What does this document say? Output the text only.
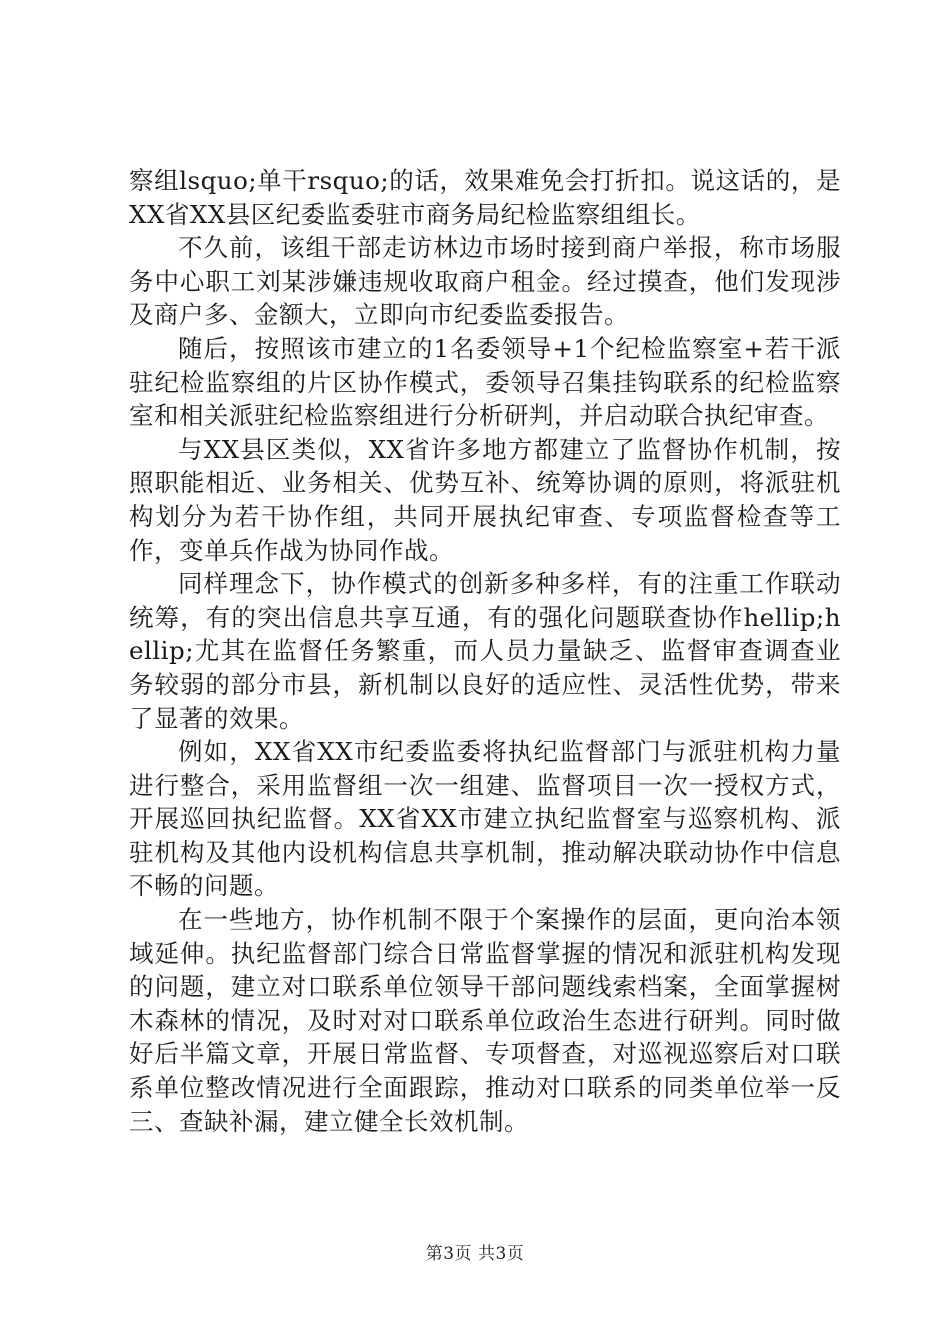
察组lsquo;单干rsquo;的话，效果难免会打折扣。说这话的，是XX省XX县区纪委监委驻市商务局纪检监察组组长。

不久前，该组干部走访林边市场时接到商户举报，称市场服务中心职工刘某涉嫌违规收取商户租金。经过摸查，他们发现涉及商户多、金额大，立即向市纪委监委报告。

随后，按照该市建立的1名委领导+1个纪检监察室+若干派驻纪检监察组的片区协作模式，委领导召集挂钩联系的纪检监察室和相关派驻纪检监察组进行分析研判，并启动联合执纪审查。

与XX县区类似，XX省许多地方都建立了监督协作机制，按照职能相近、业务相关、优势互补、统筹协调的原则，将派驻机构划分为若干协作组，共同开展执纪审查、专项监督检查等工作，变单兵作战为协同作战。

同样理念下，协作模式的创新多种多样，有的注重工作联动统筹，有的突出信息共享互通，有的强化问题联查协作hellip;hellip;尤其在监督任务繁重，而人员力量缺乏、监督审查调查业务较弱的部分市县，新机制以良好的适应性、灵活性优势，带来了显著的效果。

例如，XX省XX市纪委监委将执纪监督部门与派驻机构力量进行整合，采用监督组一次一组建、监督项目一次一授权方式，开展巡回执纪监督。XX省XX市建立执纪监督室与巡察机构、派驻机构及其他内设机构信息共享机制，推动解决联动协作中信息不畅的问题。

在一些地方，协作机制不限于个案操作的层面，更向治本领域延伸。执纪监督部门综合日常监督掌握的情况和派驻机构发现的问题，建立对口联系单位领导干部问题线索档案，全面掌握树木森林的情况，及时对对口联系单位政治生态进行研判。同时做好后半篇文章，开展日常监督、专项督查，对巡视巡察后对口联系单位整改情况进行全面跟踪，推动对口联系的同类单位举一反三、查缺补漏，建立健全长效机制。

第3页 共3页
